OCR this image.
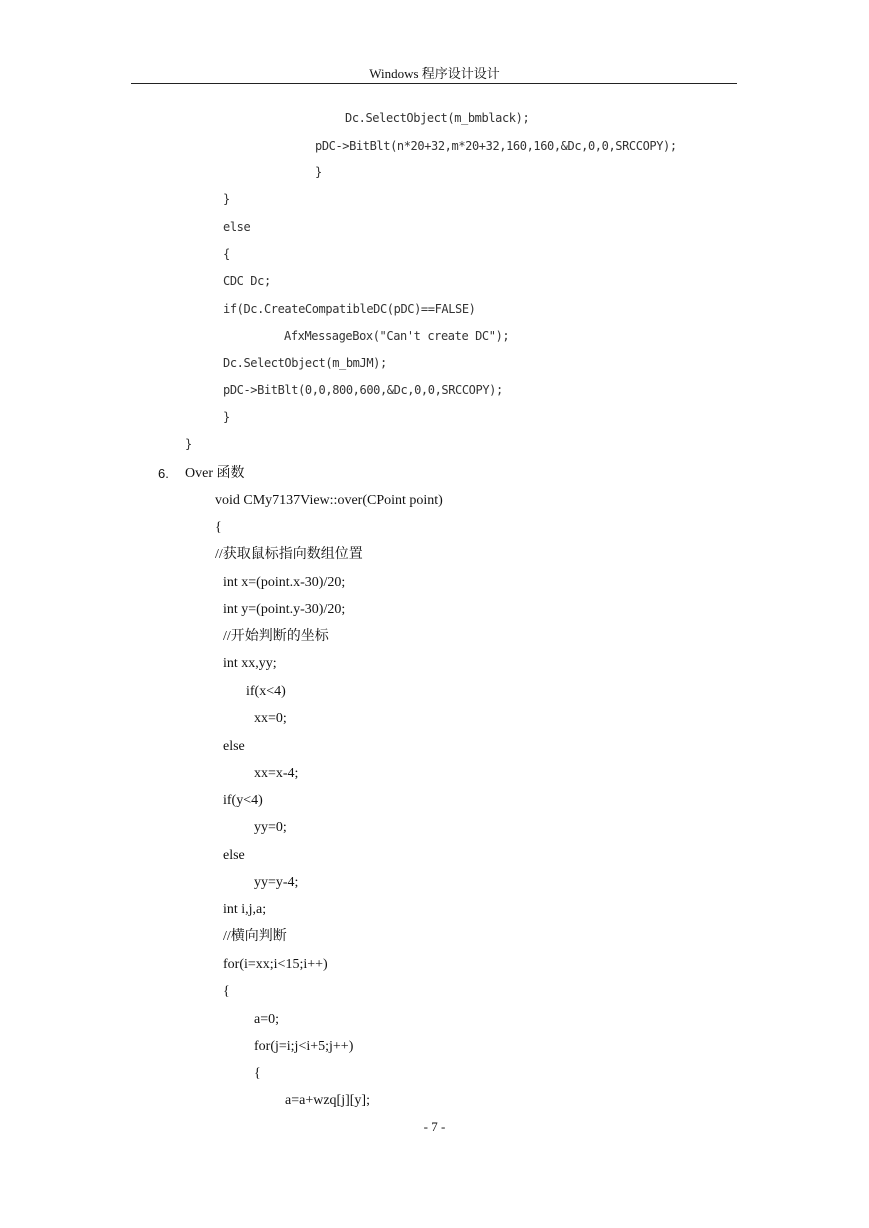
Windows 程序设计设计
Dc.SelectObject(m_bmblack);
pDC->BitBlt(n*20+32,m*20+32,160,160,&Dc,0,0,SRCCOPY);
}
}
else
{
CDC Dc;
if(Dc.CreateCompatibleDC(pDC)==FALSE)
AfxMessageBox("Can't create DC");
Dc.SelectObject(m_bmJM);
pDC->BitBlt(0,0,800,600,&Dc,0,0,SRCCOPY);
}
}
6. Over 函数
void CMy7137View::over(CPoint point)
{
//获取鼠标指向数组位置
int x=(point.x-30)/20;
int y=(point.y-30)/20;
//开始判断的坐标
int xx,yy;
if(x<4)
xx=0;
else
xx=x-4;
if(y<4)
yy=0;
else
yy=y-4;
int i,j,a;
//横向判断
for(i=xx;i<15;i++)
{
a=0;
for(j=i;j<i+5;j++)
{
a=a+wzq[j][y];
- 7 -
